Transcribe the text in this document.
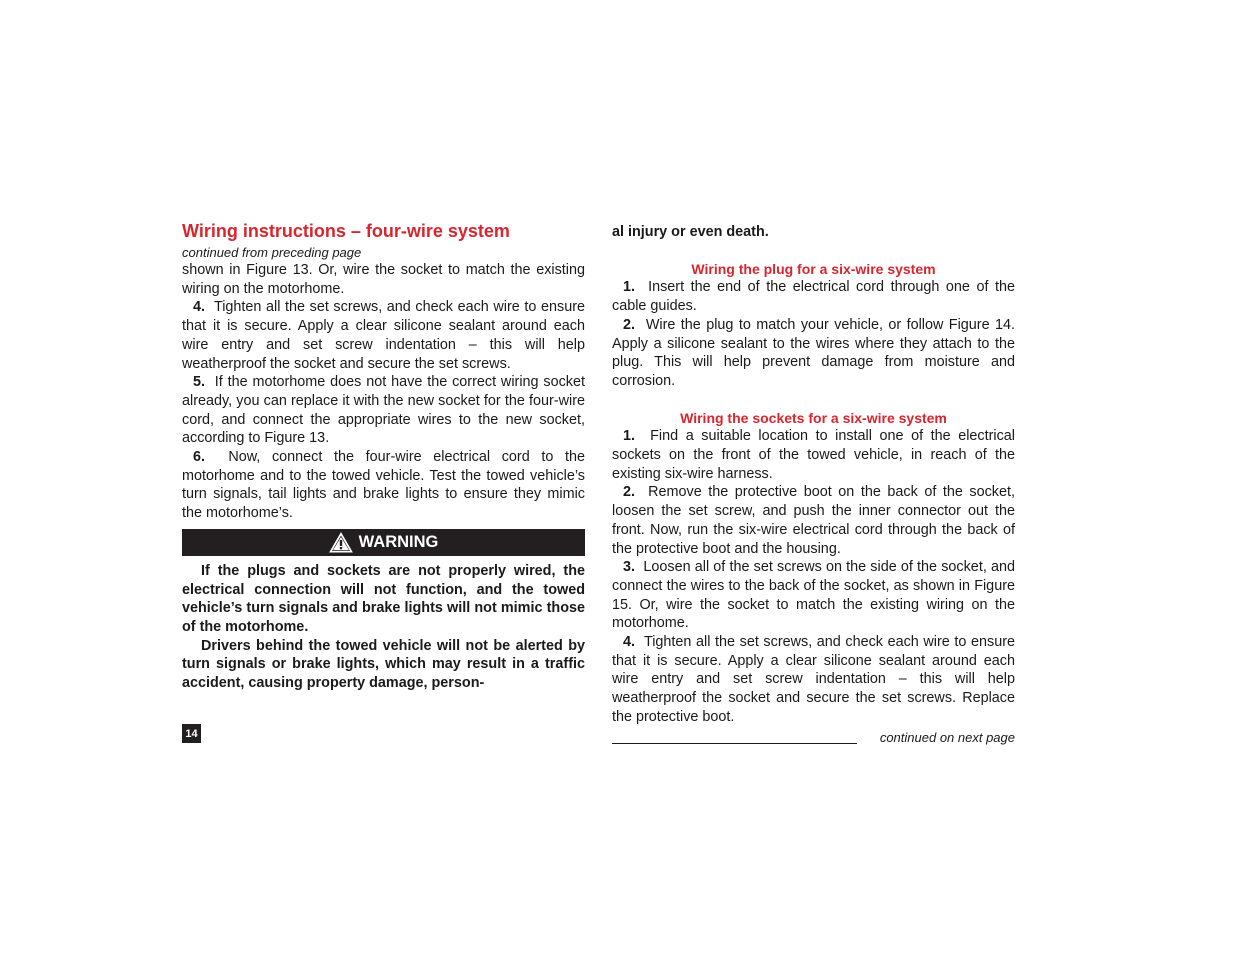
Wiring instructions – four-wire system
continued from preceding page

shown in Figure 13. Or, wire the socket to match the existing wiring on the motorhome.

4. Tighten all the set screws, and check each wire to ensure that it is secure. Apply a clear silicone sealant around each wire entry and set screw indentation – this will help weatherproof the socket and secure the set screws.

5. If the motorhome does not have the correct wiring socket already, you can replace it with the new socket for the four-wire cord, and connect the appropriate wires to the new socket, according to Figure 13.

6. Now, connect the four-wire electrical cord to the motorhome and to the towed vehicle. Test the towed vehicle’s turn signals, tail lights and brake lights to ensure they mimic the motorhome’s.

WARNING

If the plugs and sockets are not properly wired, the electrical connection will not function, and the towed vehicle’s turn signals and brake lights will not mimic those of the motorhome.

Drivers behind the towed vehicle will not be alerted by turn signals or brake lights, which may result in a traffic accident, causing property damage, person-

14

al injury or even death.

Wiring the plug for a six-wire system

1. Insert the end of the electrical cord through one of the cable guides.

2. Wire the plug to match your vehicle, or follow Figure 14. Apply a silicone sealant to the wires where they attach to the plug. This will help prevent damage from moisture and corrosion.

Wiring the sockets for a six-wire system

1. Find a suitable location to install one of the electrical sockets on the front of the towed vehicle, in reach of the existing six-wire harness.

2. Remove the protective boot on the back of the socket, loosen the set screw, and push the inner connector out the front. Now, run the six-wire electrical cord through the back of the protective boot and the housing.

3. Loosen all of the set screws on the side of the socket, and connect the wires to the back of the socket, as shown in Figure 15. Or, wire the socket to match the existing wiring on the motorhome.

4. Tighten all the set screws, and check each wire to ensure that it is secure. Apply a clear silicone sealant around each wire entry and set screw indentation – this will help weatherproof the socket and secure the set screws. Replace the protective boot.

continued on next page
